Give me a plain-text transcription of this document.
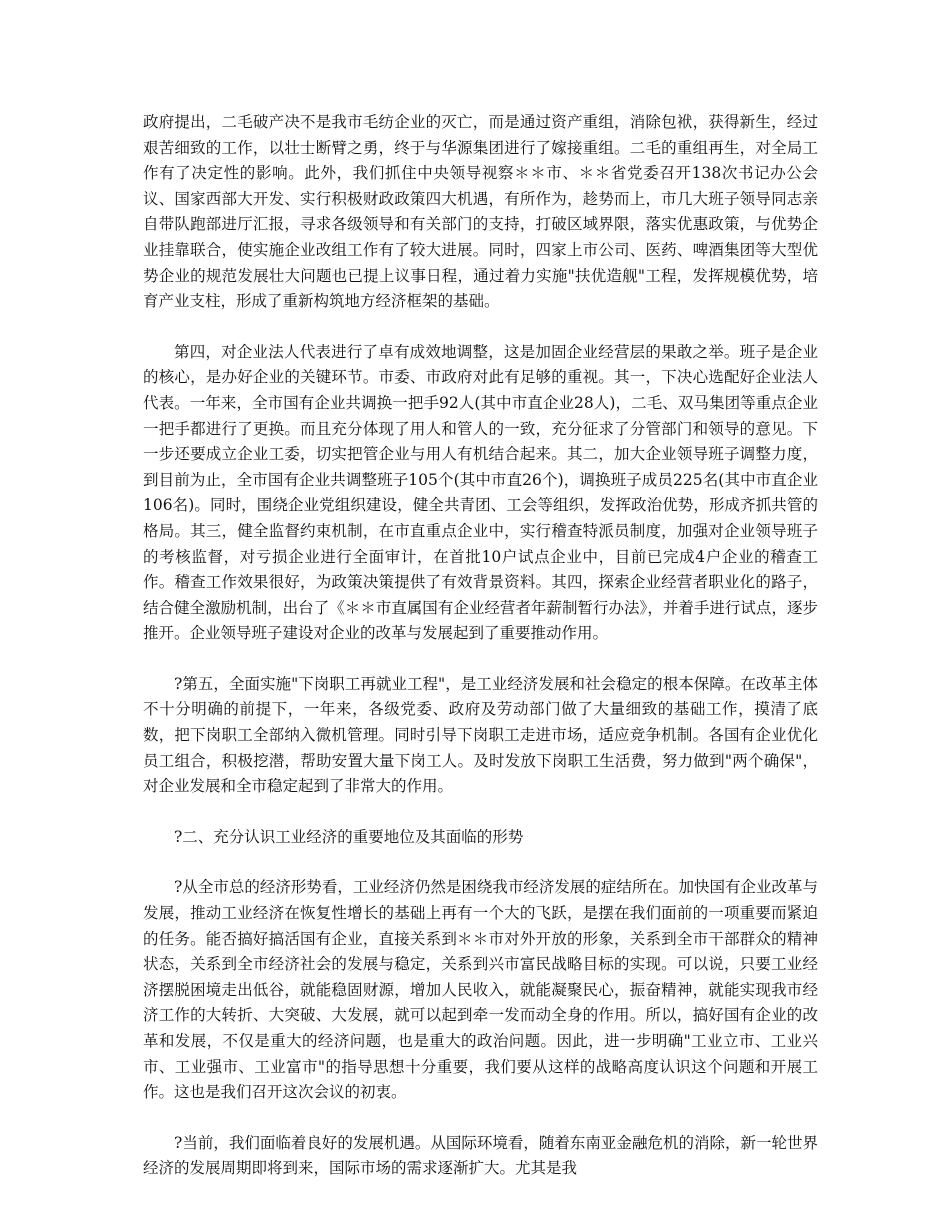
政府提出，二毛破产决不是我市毛纺企业的灭亡，而是通过资产重组，消除包袱，获得新生，经过艰苦细致的工作，以壮士断臂之勇，终于与华源集团进行了嫁接重组。二毛的重组再生，对全局工作有了决定性的影响。此外，我们抓住中央领导视察＊＊市、＊＊省党委召开138次书记办公会议、国家西部大开发、实行积极财政政策四大机遇，有所作为，趁势而上，市几大班子领导同志亲自带队跑部进厅汇报，寻求各级领导和有关部门的支持，打破区域界限，落实优惠政策，与优势企业挂靠联合，使实施企业改组工作有了较大进展。同时，四家上市公司、医药、啤酒集团等大型优势企业的规范发展壮大问题也已提上议事日程，通过着力实施"扶优造舰"工程，发挥规模优势，培育产业支柱，形成了重新构筑地方经济框架的基础。

第四，对企业法人代表进行了卓有成效地调整，这是加固企业经营层的果敢之举。班子是企业的核心，是办好企业的关键环节。市委、市政府对此有足够的重视。其一，下决心选配好企业法人代表。一年来，全市国有企业共调换一把手92人(其中市直企业28人)，二毛、双马集团等重点企业一把手都进行了更换。而且充分体现了用人和管人的一致，充分征求了分管部门和领导的意见。下一步还要成立企业工委，切实把管企业与用人有机结合起来。其二，加大企业领导班子调整力度，到目前为止，全市国有企业共调整班子105个(其中市直26个)，调换班子成员225名(其中市直企业106名)。同时，围绕企业党组织建设，健全共青团、工会等组织，发挥政治优势，形成齐抓共管的格局。其三，健全监督约束机制，在市直重点企业中，实行稽查特派员制度，加强对企业领导班子的考核监督，对亏损企业进行全面审计，在首批10户试点企业中，目前已完成4户企业的稽查工作。稽查工作效果很好，为政策决策提供了有效背景资料。其四，探索企业经营者职业化的路子，结合健全激励机制，出台了《＊＊市直属国有企业经营者年薪制暂行办法》，并着手进行试点，逐步推开。企业领导班子建设对企业的改革与发展起到了重要推动作用。

?第五，全面实施"下岗职工再就业工程"，是工业经济发展和社会稳定的根本保障。在改革主体不十分明确的前提下，一年来，各级党委、政府及劳动部门做了大量细致的基础工作，摸清了底数，把下岗职工全部纳入微机管理。同时引导下岗职工走进市场，适应竞争机制。各国有企业优化员工组合，积极挖潜，帮助安置大量下岗工人。及时发放下岗职工生活费，努力做到"两个确保"，对企业发展和全市稳定起到了非常大的作用。

?二、充分认识工业经济的重要地位及其面临的形势

?从全市总的经济形势看，工业经济仍然是困绕我市经济发展的症结所在。加快国有企业改革与发展，推动工业经济在恢复性增长的基础上再有一个大的飞跃，是摆在我们面前的一项重要而紧迫的任务。能否搞好搞活国有企业，直接关系到＊＊市对外开放的形象，关系到全市干部群众的精神状态，关系到全市经济社会的发展与稳定，关系到兴市富民战略目标的实现。可以说，只要工业经济摆脱困境走出低谷，就能稳固财源，增加人民收入，就能凝聚民心，振奋精神，就能实现我市经济工作的大转折、大突破、大发展，就可以起到牵一发而动全身的作用。所以，搞好国有企业的改革和发展，不仅是重大的经济问题，也是重大的政治问题。因此，进一步明确"工业立市、工业兴市、工业强市、工业富市"的指导思想十分重要，我们要从这样的战略高度认识这个问题和开展工作。这也是我们召开这次会议的初衷。

?当前，我们面临着良好的发展机遇。从国际环境看，随着东南亚金融危机的消除，新一轮世界经济的发展周期即将到来，国际市场的需求逐渐扩大。尤其是我
